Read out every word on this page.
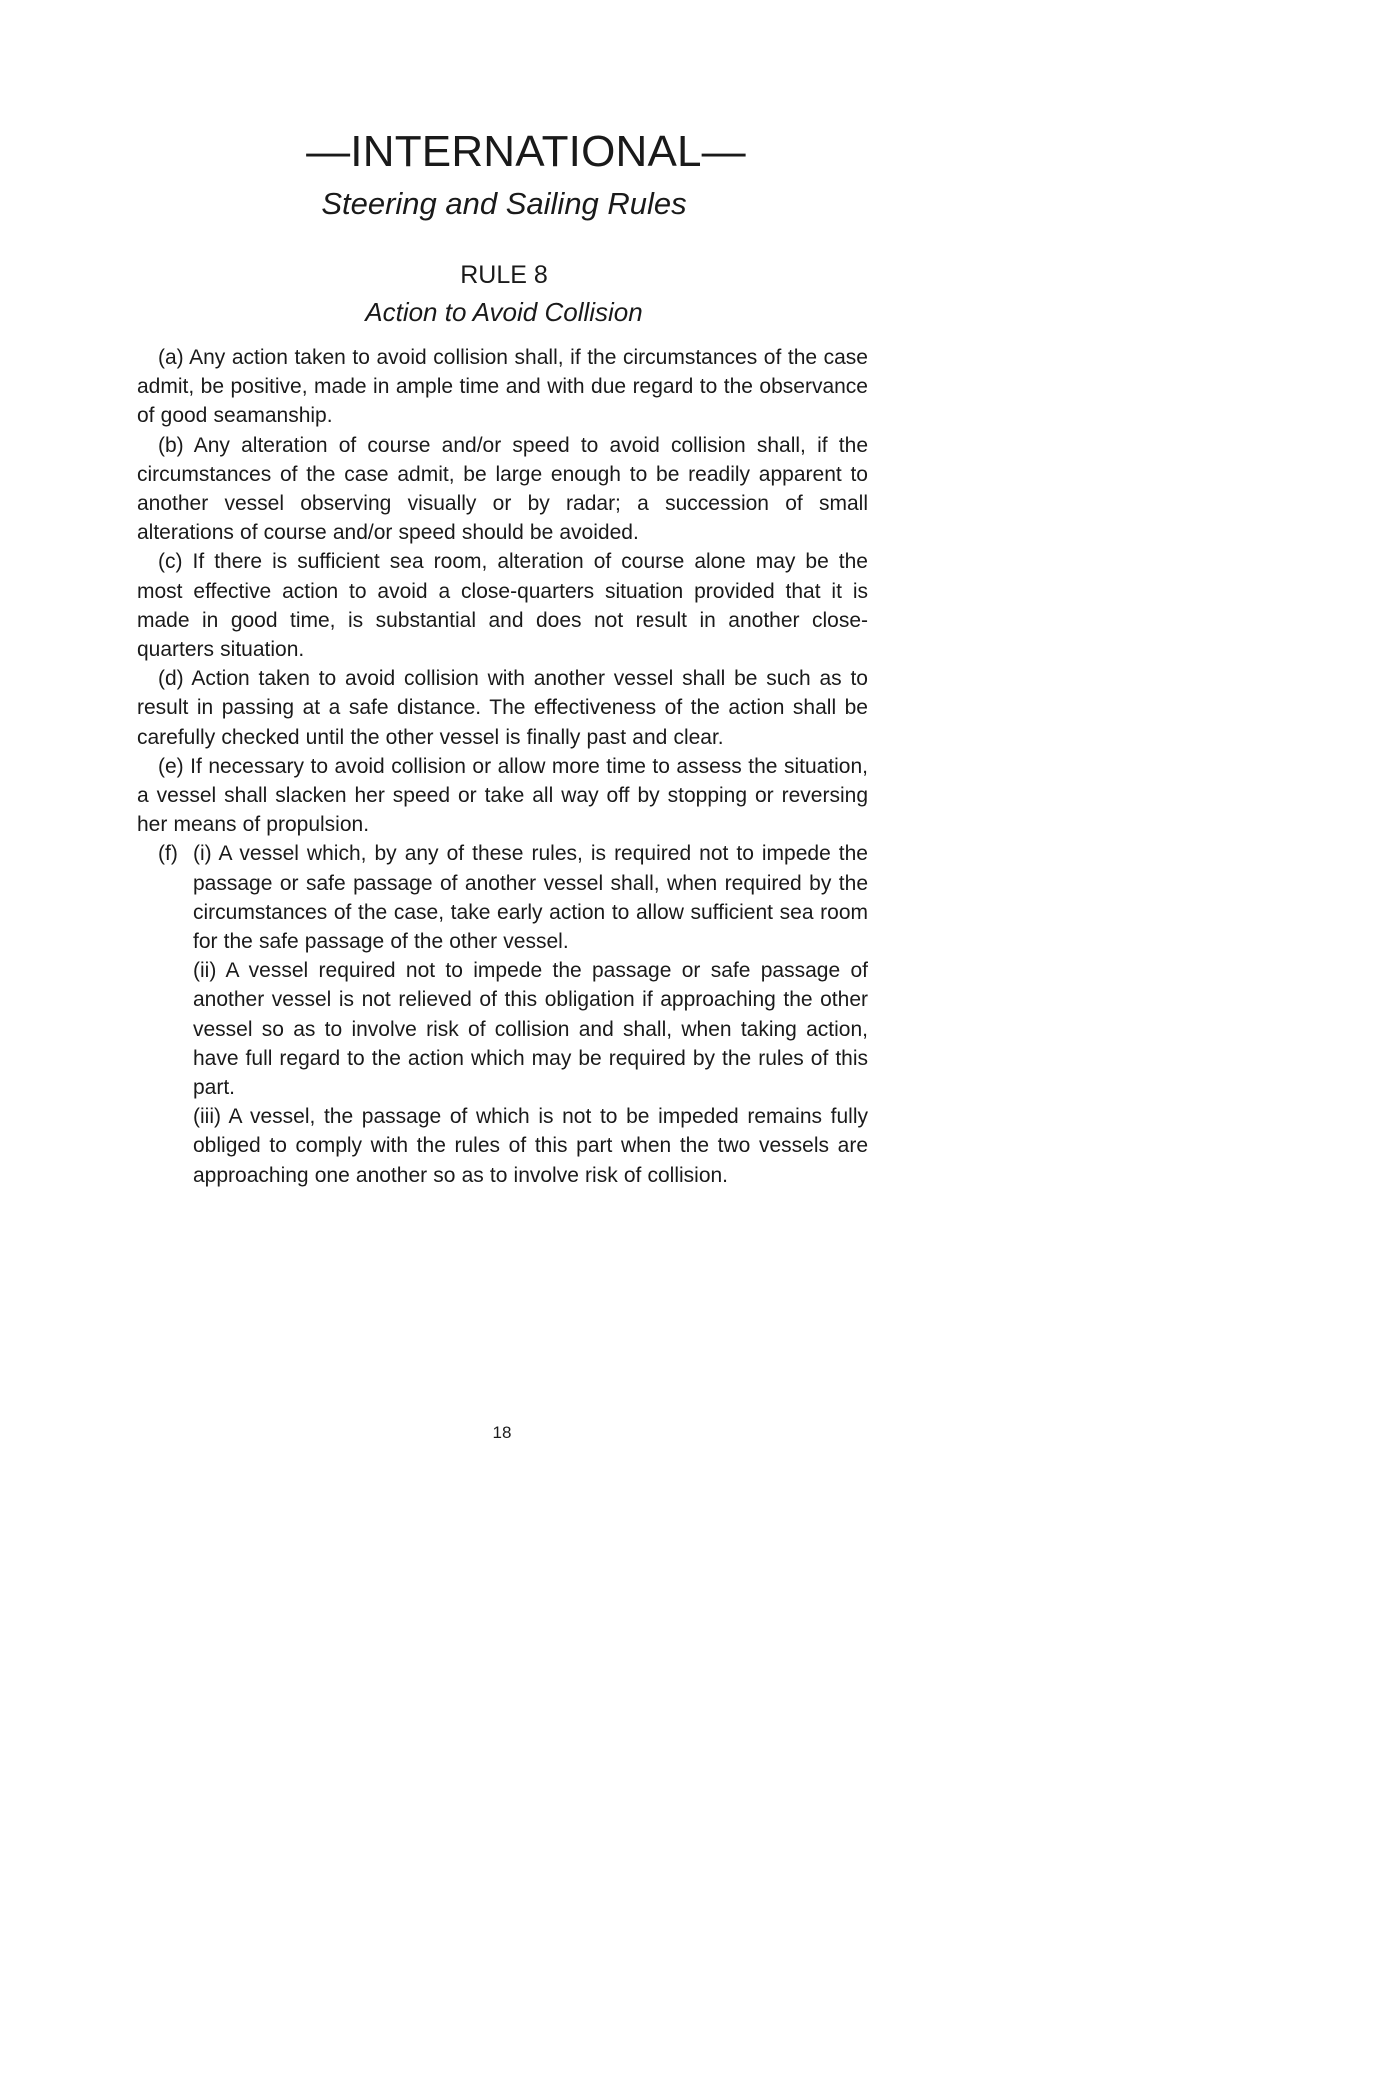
—INTERNATIONAL—
Steering and Sailing Rules
RULE 8
Action to Avoid Collision

(a) Any action taken to avoid collision shall, if the circumstances of the case admit, be positive, made in ample time and with due regard to the observance of good seamanship.

(b) Any alteration of course and/or speed to avoid collision shall, if the circumstances of the case admit, be large enough to be readily apparent to another vessel observing visually or by radar; a succession of small alterations of course and/or speed should be avoided.

(c) If there is sufficient sea room, alteration of course alone may be the most effective action to avoid a close-quarters situation provided that it is made in good time, is substantial and does not result in another close-quarters situation.

(d) Action taken to avoid collision with another vessel shall be such as to result in passing at a safe distance. The effectiveness of the action shall be carefully checked until the other vessel is finally past and clear.

(e) If necessary to avoid collision or allow more time to assess the situation, a vessel shall slacken her speed or take all way off by stopping or reversing her means of propulsion.

(f) (i) A vessel which, by any of these rules, is required not to impede the passage or safe passage of another vessel shall, when required by the circumstances of the case, take early action to allow sufficient sea room for the safe passage of the other vessel.

(ii) A vessel required not to impede the passage or safe passage of another vessel is not relieved of this obligation if approaching the other vessel so as to involve risk of collision and shall, when taking action, have full regard to the action which may be required by the rules of this part.

(iii) A vessel, the passage of which is not to be impeded remains fully obliged to comply with the rules of this part when the two vessels are approaching one another so as to involve risk of collision.

18
